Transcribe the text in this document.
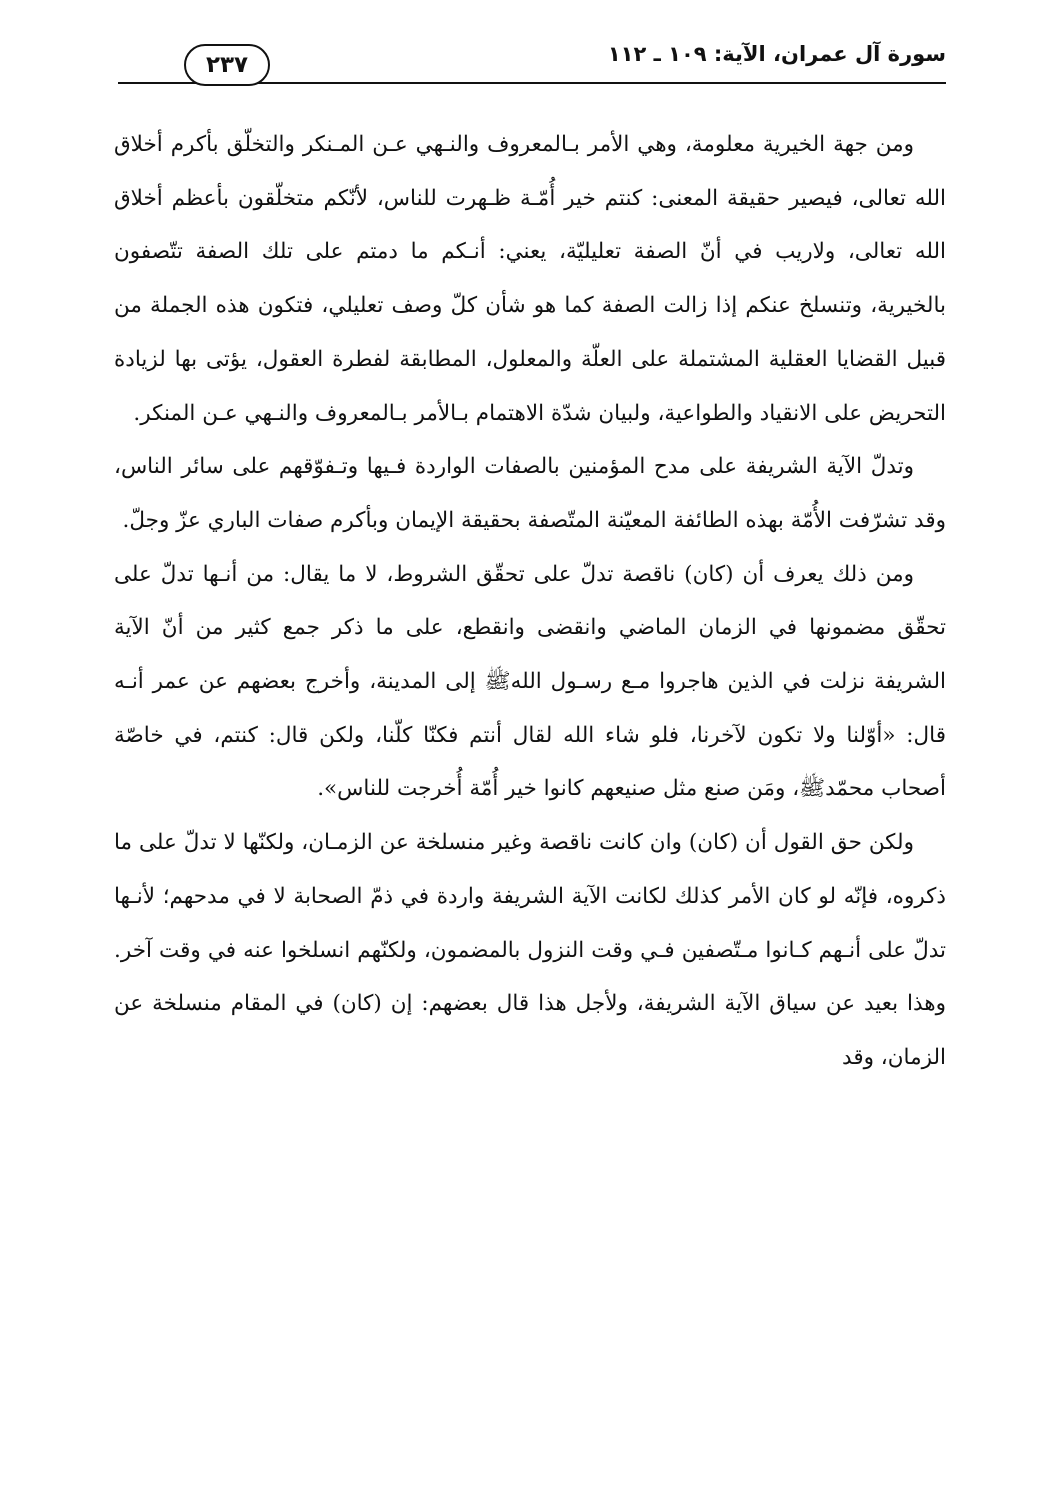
سورة آل عمران، الآية: ١٠٩ ـ ١١٢
٢٣٧

ومن جهة الخيرية معلومة، وهي الأمر بـالمعروف والنـهي عـن المـنكر والتخلّق بأكرم أخلاق الله تعالى، فيصير حقيقة المعنى: كنتم خير أُمّـة ظـهرت للناس، لأنّكم متخلّقون بأعظم أخلاق الله تعالى، ولاريب في أنّ الصفة تعليليّة، يعني: أنـكم ما دمتم على تلك الصفة تتّصفون بالخيرية، وتنسلخ عنكم إذا زالت الصفة كما هو شأن كلّ وصف تعليلي، فتكون هذه الجملة من قبيل القضايا العقلية المشتملة على العلّة والمعلول، المطابقة لفطرة العقول، يؤتى بها لزيادة التحريض على الانقياد والطواعية، ولبيان شدّة الاهتمام بـالأمر بـالمعروف والنـهي عـن المنكر.

وتدلّ الآية الشريفة على مدح المؤمنين بالصفات الواردة فـيها وتـفوّقهم على سائر الناس، وقد تشرّفت الأُمّة بهذه الطائفة المعيّنة المتّصفة بحقيقة الإيمان وبأكرم صفات الباري عزّ وجلّ.

ومن ذلك يعرف أن (كان) ناقصة تدلّ على تحقّق الشروط، لا ما يقال: من أنـها تدلّ على تحقّق مضمونها في الزمان الماضي وانقضى وانقطع، على ما ذكر جمع كثير من أنّ الآية الشريفة نزلت في الذين هاجروا مـع رسـول اللهﷺ إلى المدينة، وأخرج بعضهم عن عمر أنـه قال: «أوّلنا ولا تكون لآخرنا، فلو شاء الله لقال أنتم فكنّا كلّنا، ولكن قال: كنتم، في خاصّة أصحاب محمّدﷺ، ومَن صنع مثل صنيعهم كانوا خير أُمّة أُخرجت للناس».

ولكن حق القول أن (كان) وان كانت ناقصة وغير منسلخة عن الزمـان، ولكنّها لا تدلّ على ما ذكروه، فإنّه لو كان الأمر كذلك لكانت الآية الشريفة واردة في ذمّ الصحابة لا في مدحهم؛ لأنـها تدلّ على أنـهم كـانوا مـتّصفين فـي وقت النزول بالمضمون، ولكنّهم انسلخوا عنه في وقت آخر. وهذا بعيد عن سياق الآية الشريفة، ولأجل هذا قال بعضهم: إن (كان) في المقام منسلخة عن الزمان، وقد
